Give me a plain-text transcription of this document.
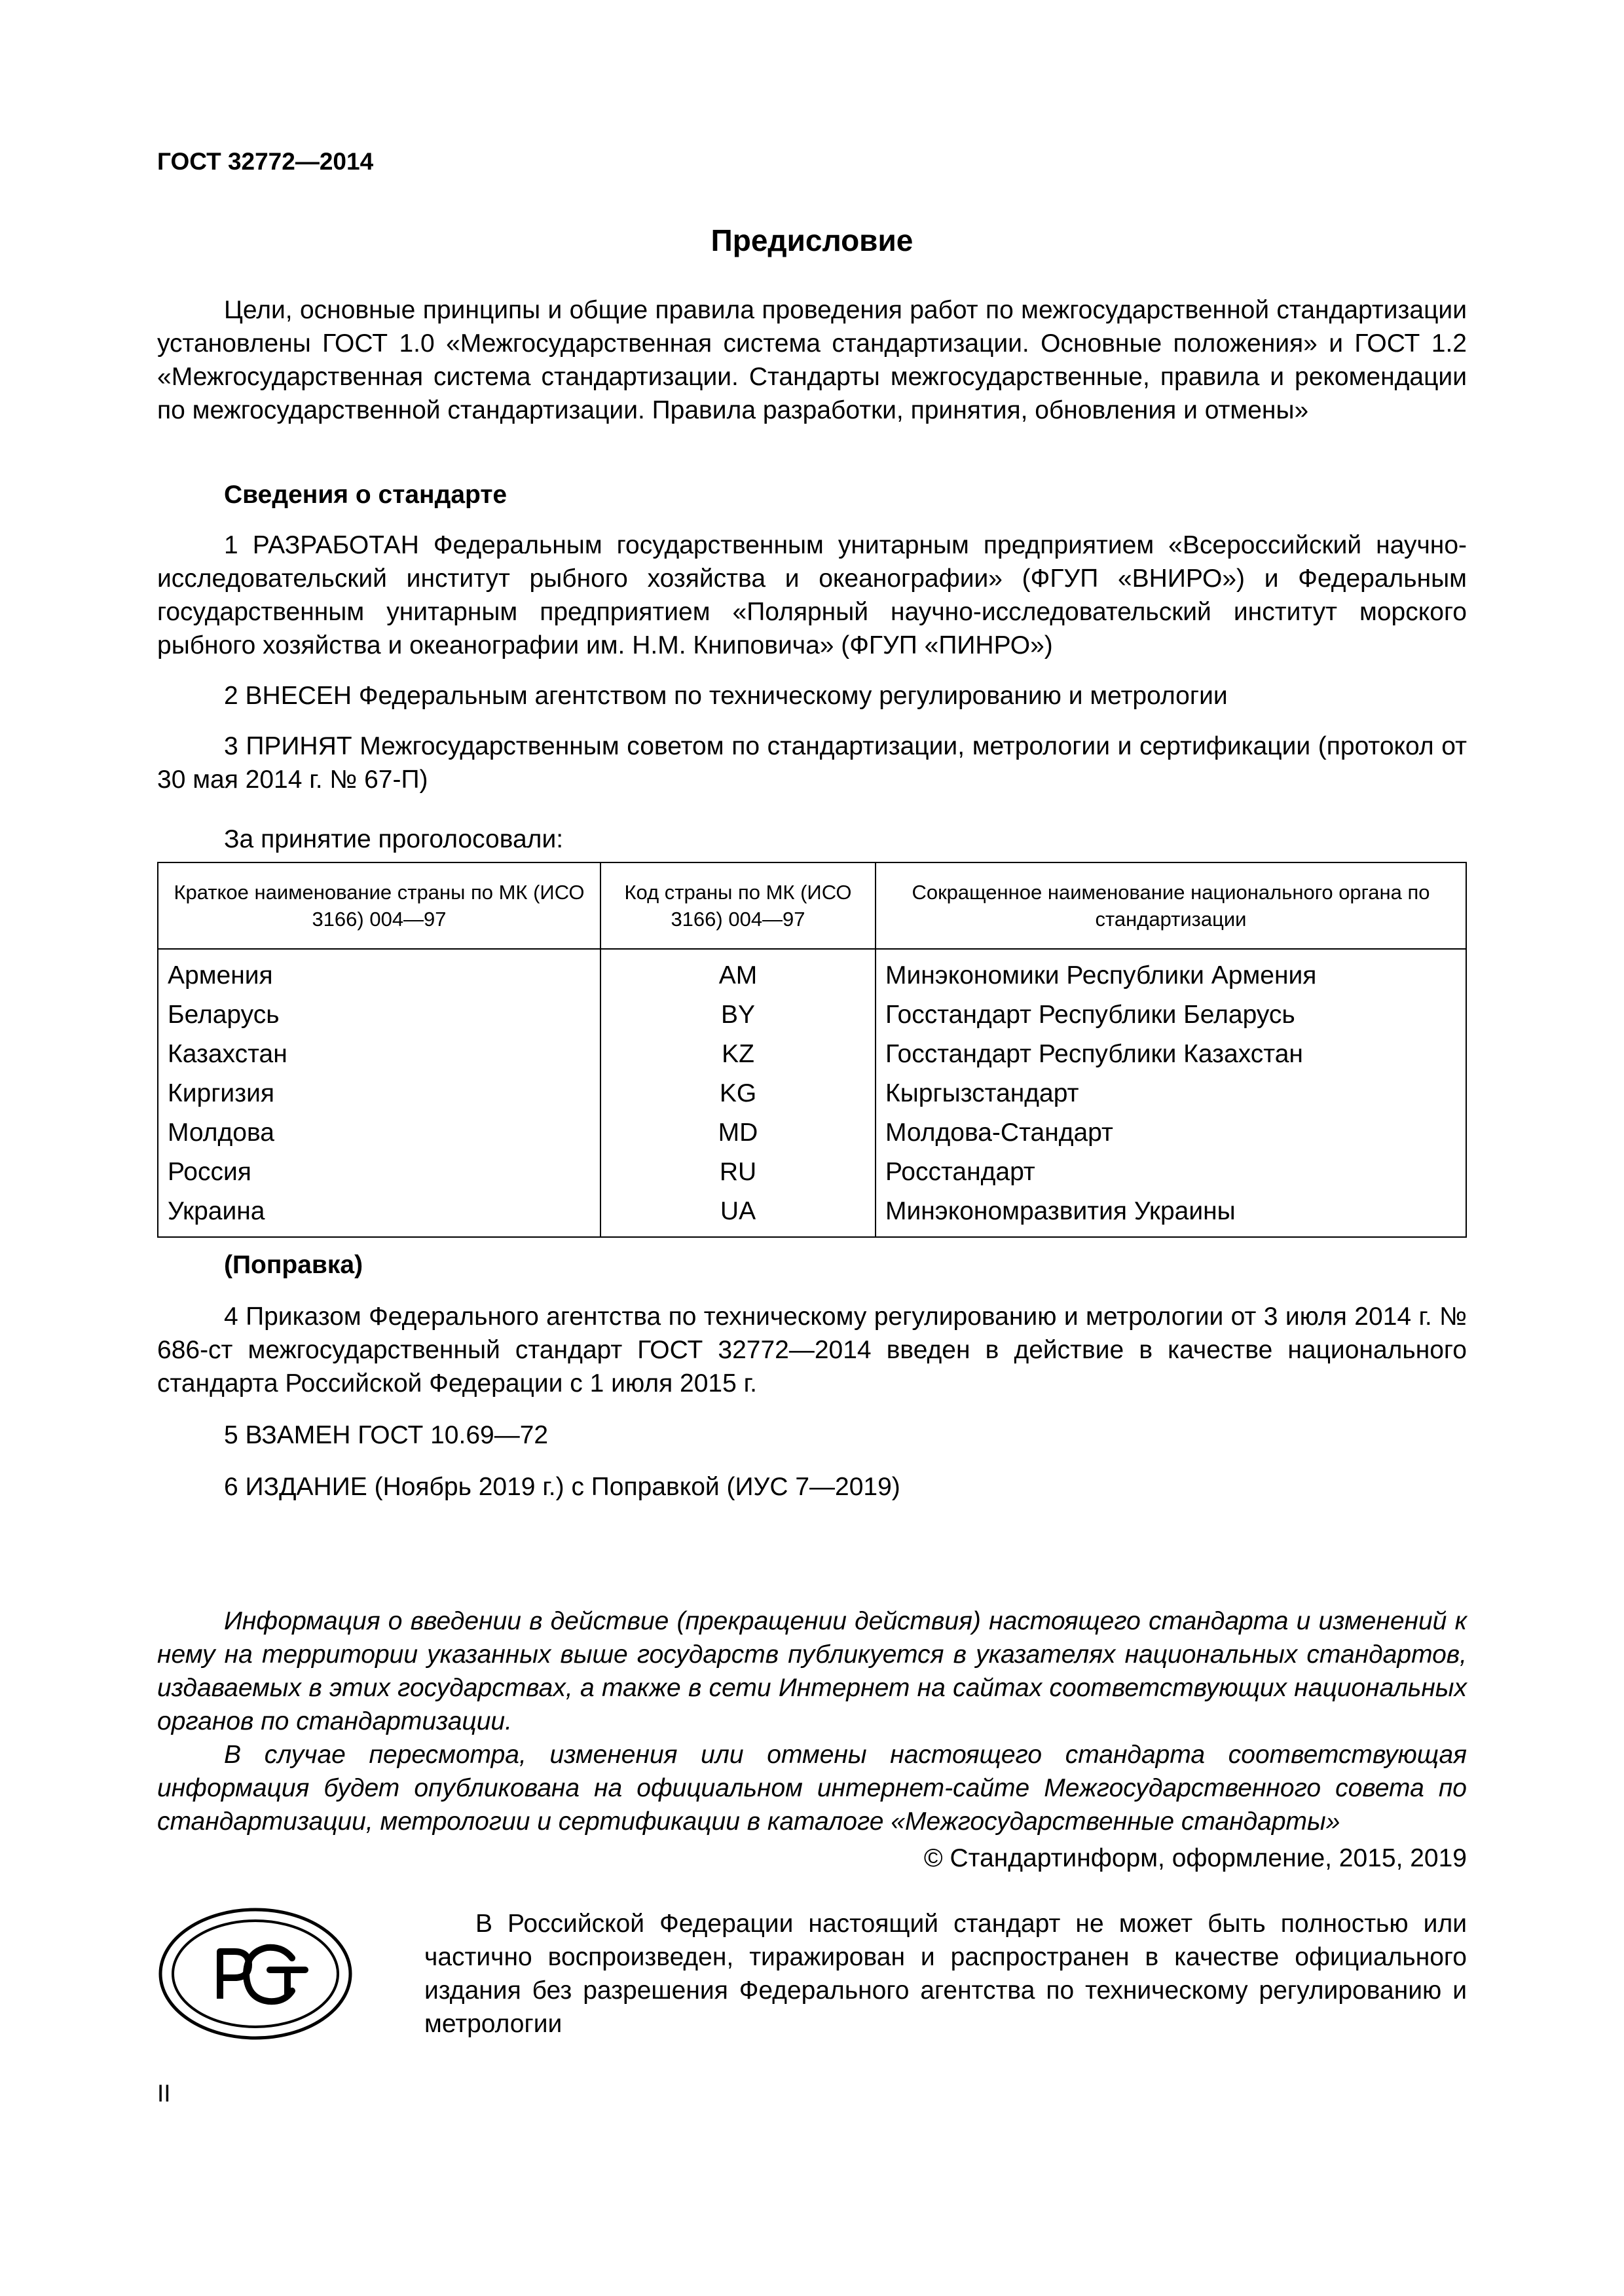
ГОСТ 32772—2014
Предисловие

Цели, основные принципы и общие правила проведения работ по межгосударственной стандартизации установлены ГОСТ 1.0 «Межгосударственная система стандартизации. Основные положения» и ГОСТ 1.2 «Межгосударственная система стандартизации. Стандарты межгосударственные, правила и рекомендации по межгосударственной стандартизации. Правила разработки, принятия, обновления и отмены»

Сведения о стандарте

1 РАЗРАБОТАН Федеральным государственным унитарным предприятием «Всероссийский научно-исследовательский институт рыбного хозяйства и океанографии» (ФГУП «ВНИРО») и Федеральным государственным унитарным предприятием «Полярный научно-исследовательский институт морского рыбного хозяйства и океанографии им. Н.М. Книповича» (ФГУП «ПИНРО»)

2 ВНЕСЕН Федеральным агентством по техническому регулированию и метрологии

3 ПРИНЯТ Межгосударственным советом по стандартизации, метрологии и сертификации (протокол от 30 мая 2014 г. № 67-П)

За принятие проголосовали:

Краткое наименование страны по МК (ИСО 3166) 004—97	Код страны по МК (ИСО 3166) 004—97	Сокращенное наименование национального органа по стандартизации
Армения	AM	Минэкономики Республики Армения
Беларусь	BY	Госстандарт Республики Беларусь
Казахстан	KZ	Госстандарт Республики Казахстан
Киргизия	KG	Кыргызстандарт
Молдова	MD	Молдова-Стандарт
Россия	RU	Росстандарт
Украина	UA	Минэкономразвития Украины

(Поправка)

4 Приказом Федерального агентства по техническому регулированию и метрологии от 3 июля 2014 г. № 686-ст межгосударственный стандарт ГОСТ 32772—2014 введен в действие в качестве национального стандарта Российской Федерации с 1 июля 2015 г.

5 ВЗАМЕН ГОСТ 10.69—72

6 ИЗДАНИЕ (Ноябрь 2019 г.) с Поправкой (ИУС 7—2019)

Информация о введении в действие (прекращении действия) настоящего стандарта и изменений к нему на территории указанных выше государств публикуется в указателях национальных стандартов, издаваемых в этих государствах, а также в сети Интернет на сайтах соответствующих национальных органов по стандартизации.

В случае пересмотра, изменения или отмены настоящего стандарта соответствующая информация будет опубликована на официальном интернет-сайте Межгосударственного совета по стандартизации, метрологии и сертификации в каталоге «Межгосударственные стандарты»

© Стандартинформ, оформление, 2015, 2019

В Российской Федерации настоящий стандарт не может быть полностью или частично воспроизведен, тиражирован и распространен в качестве официального издания без разрешения Федерального агентства по техническому регулированию и метрологии

II
